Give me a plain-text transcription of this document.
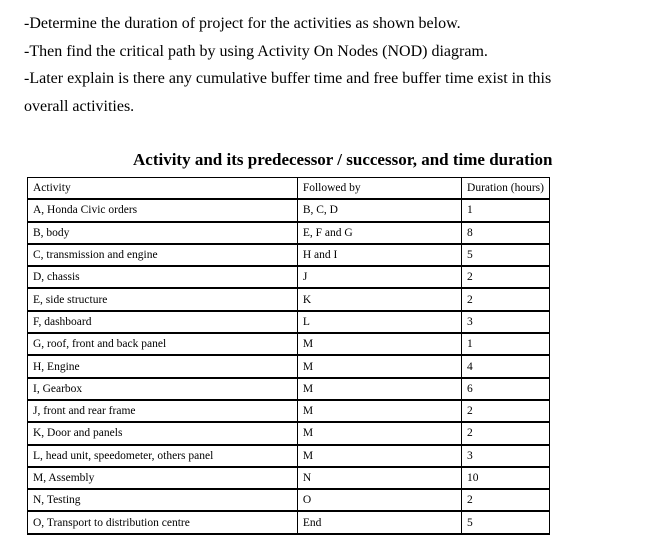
-Determine the duration of project for the activities as shown below.

-Then find the critical path by using Activity On Nodes (NOD) diagram.

-Later explain is there any cumulative buffer time and free buffer time exist in this

overall activities.

Activity and its predecessor / successor, and time duration
Activity	Followed by	Duration (hours)
A, Honda Civic orders	B, C, D	1
B, body	E, F and G	8
C, transmission and engine	H and I	5
D, chassis	J	2
E, side structure	K	2
F, dashboard	L	3
G, roof, front and back panel	M	1
H, Engine	M	4
I, Gearbox	M	6
J, front and rear frame	M	2
K, Door and panels	M	2
L, head unit, speedometer, others panel	M	3
M, Assembly	N	10
N, Testing	O	2
O, Transport to distribution centre	End	5
